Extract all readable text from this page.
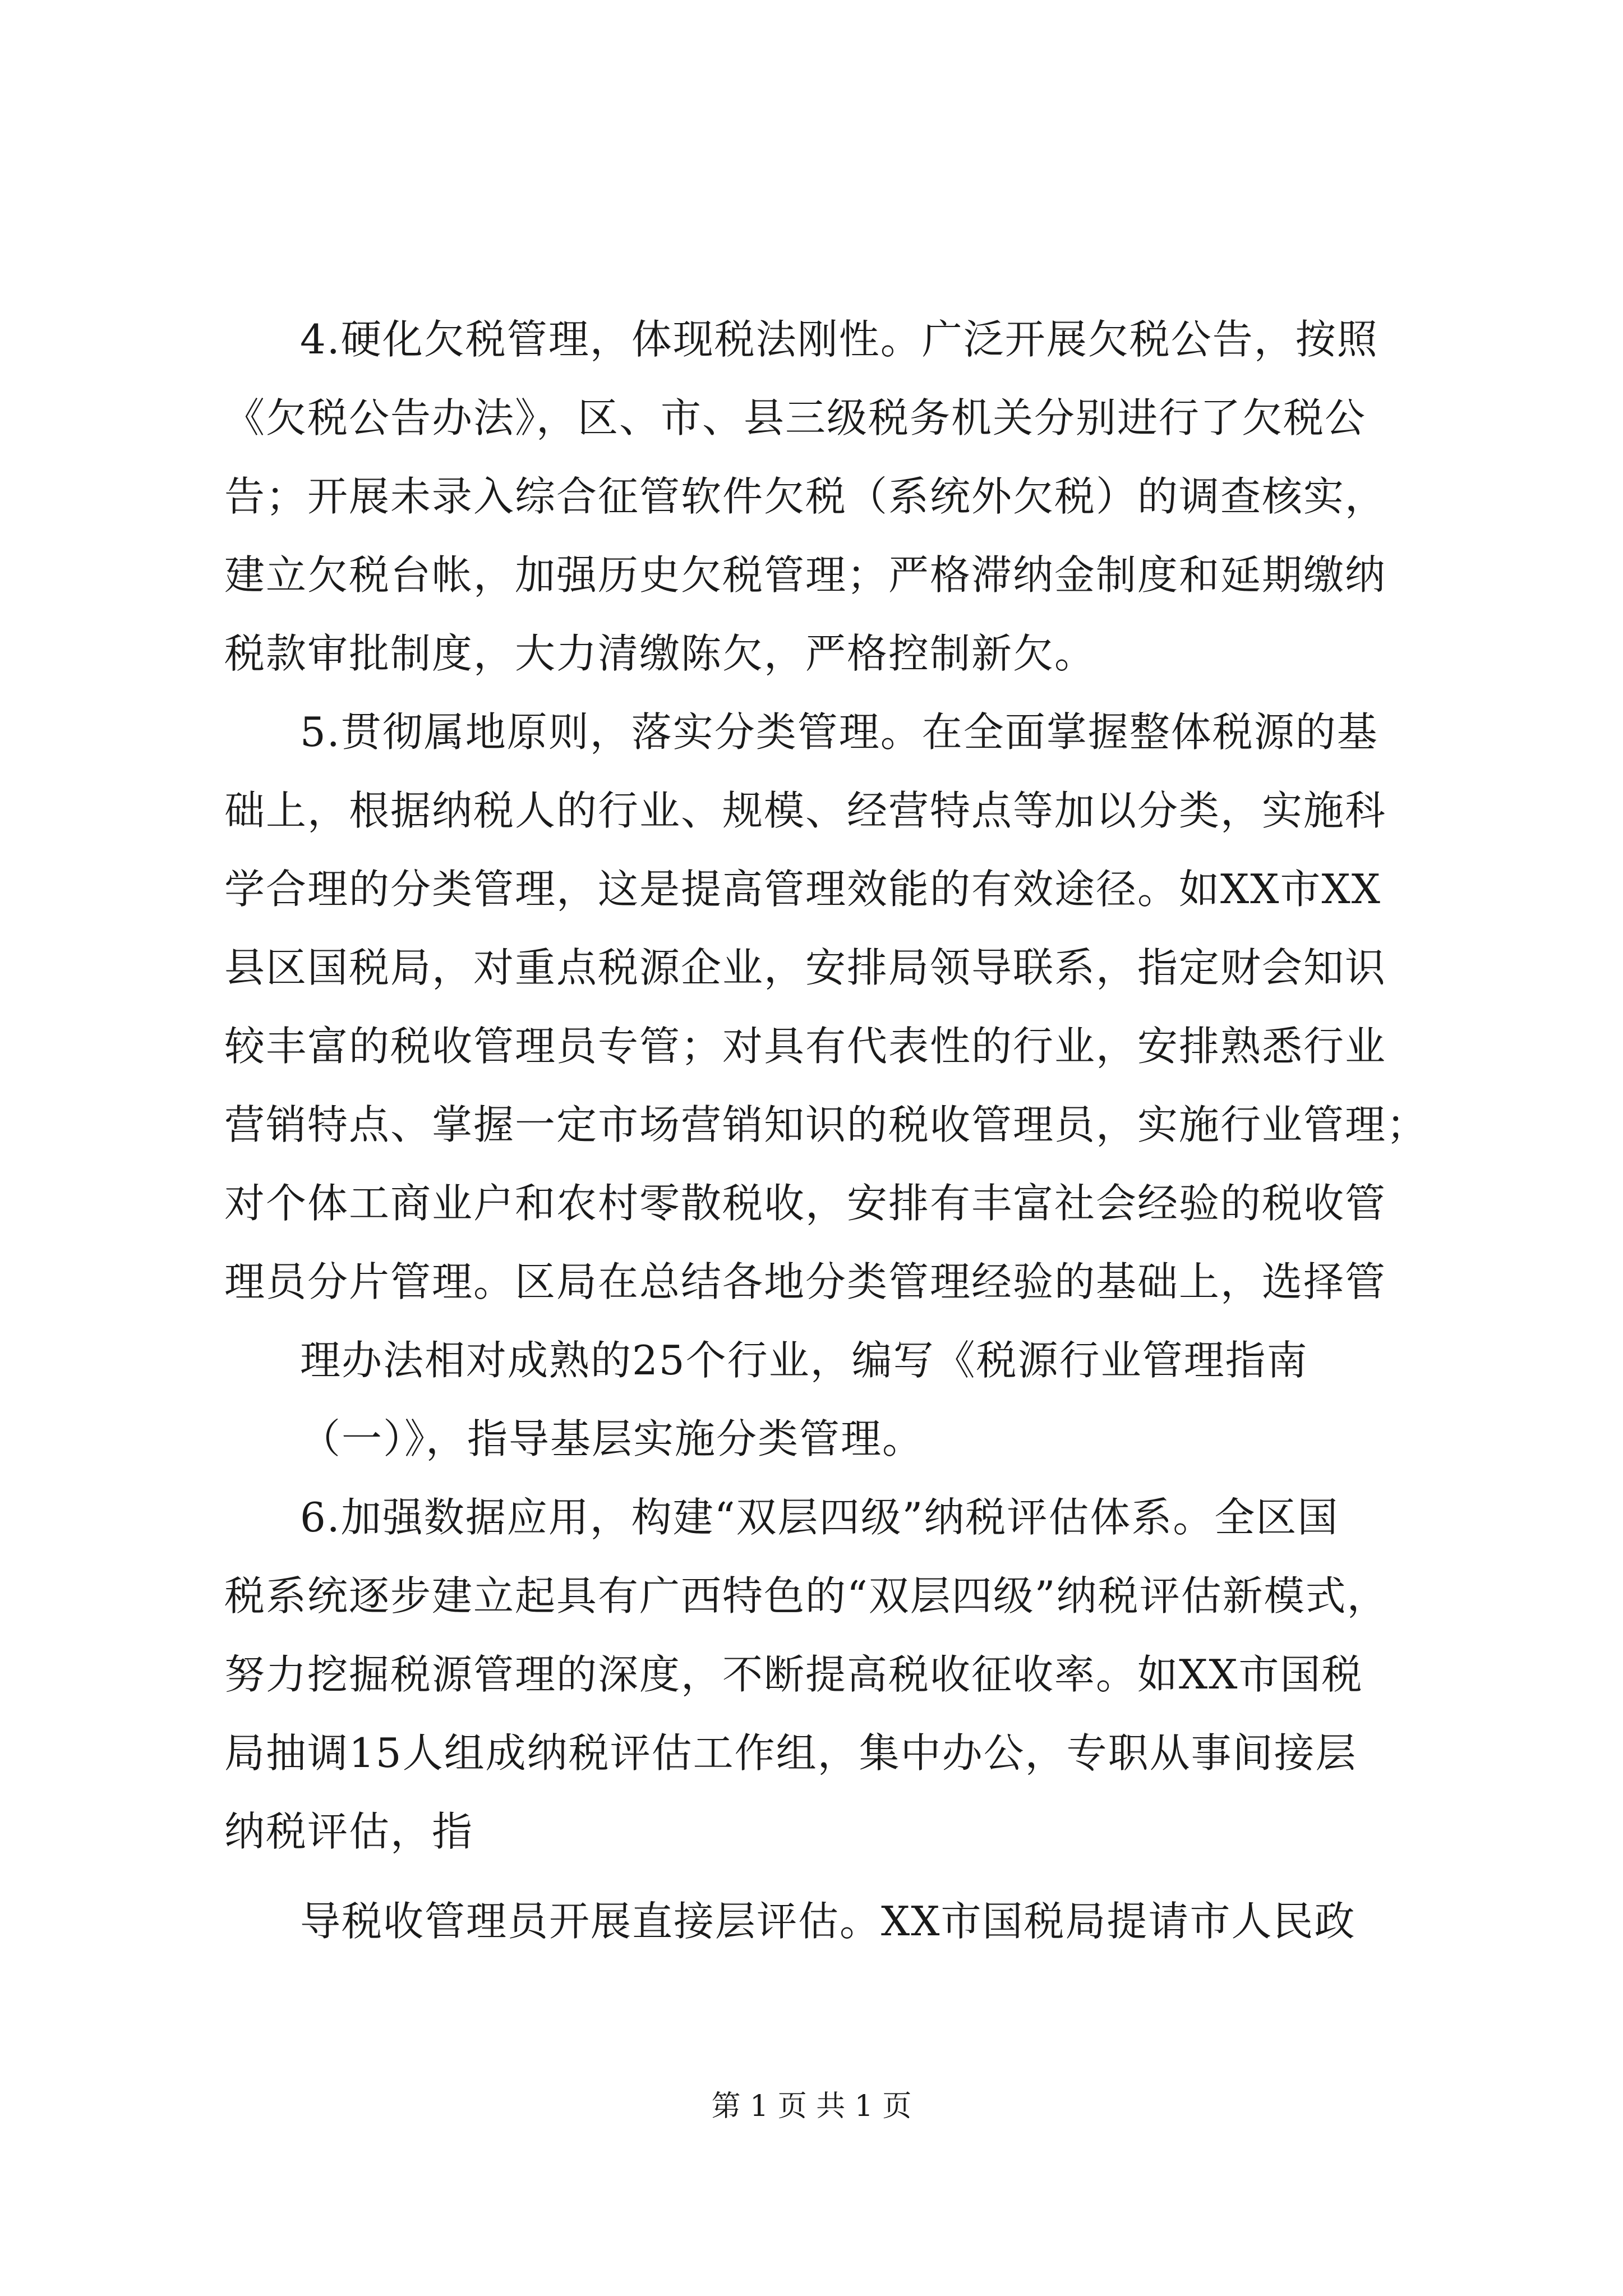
4.硬化欠税管理，体现税法刚性。广泛开展欠税公告，按照
《欠税公告办法》，区、市、县三级税务机关分别进行了欠税公
告；开展未录入综合征管软件欠税（系统外欠税）的调查核实，
建立欠税台帐，加强历史欠税管理；严格滞纳金制度和延期缴纳
税款审批制度，大力清缴陈欠，严格控制新欠。
5.贯彻属地原则，落实分类管理。在全面掌握整体税源的基
础上，根据纳税人的行业、规模、经营特点等加以分类，实施科
学合理的分类管理，这是提高管理效能的有效途径。如XX市XX
县区国税局，对重点税源企业，安排局领导联系，指定财会知识
较丰富的税收管理员专管；对具有代表性的行业，安排熟悉行业
营销特点、掌握一定市场营销知识的税收管理员，实施行业管理；
对个体工商业户和农村零散税收，安排有丰富社会经验的税收管
理员分片管理。区局在总结各地分类管理经验的基础上，选择管
理办法相对成熟的25个行业，编写《税源行业管理指南
（一）》，指导基层实施分类管理。
6.加强数据应用，构建“双层四级”纳税评估体系。全区国
税系统逐步建立起具有广西特色的“双层四级”纳税评估新模式，
努力挖掘税源管理的深度，不断提高税收征收率。如XX市国税
局抽调15人组成纳税评估工作组，集中办公，专职从事间接层
纳税评估，指
导税收管理员开展直接层评估。XX市国税局提请市人民政
第 1 页 共 1 页
